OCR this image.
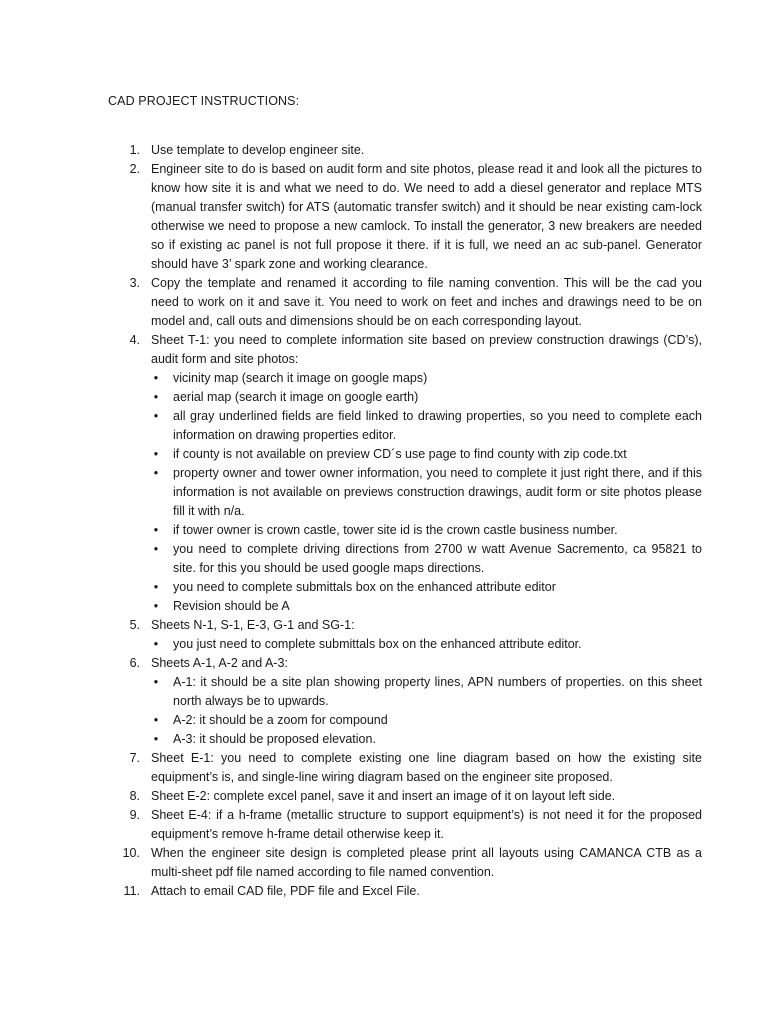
CAD PROJECT INSTRUCTIONS:
1. Use template to develop engineer site.
2. Engineer site to do is based on audit form and site photos, please read it and look all the pictures to know how site it is and what we need to do. We need to add a diesel generator and replace MTS (manual transfer switch) for ATS (automatic transfer switch) and it should be near existing cam-lock otherwise we need to propose a new camlock. To install the generator, 3 new breakers are needed so if existing ac panel is not full propose it there. if it is full, we need an ac sub-panel. Generator should have 3’ spark zone and working clearance.
3. Copy the template and renamed it according to file naming convention. This will be the cad you need to work on it and save it. You need to work on feet and inches and drawings need to be on model and, call outs and dimensions should be on each corresponding layout.
4. Sheet T-1: you need to complete information site based on preview construction drawings (CD’s), audit form and site photos:
• vicinity map (search it image on google maps)
• aerial map (search it image on google earth)
• all gray underlined fields are field linked to drawing properties, so you need to complete each information on drawing properties editor.
• if county is not available on preview CD´s use page to find county with zip code.txt
• property owner and tower owner information, you need to complete it just right there, and if this information is not available on previews construction drawings, audit form or site photos please fill it with n/a.
• if tower owner is crown castle, tower site id is the crown castle business number.
• you need to complete driving directions from 2700 w watt Avenue Sacremento, ca 95821 to site. for this you should be used google maps directions.
• you need to complete submittals box on the enhanced attribute editor
• Revision should be A
5. Sheets N-1, S-1, E-3, G-1 and SG-1:
• you just need to complete submittals box on the enhanced attribute editor.
6. Sheets A-1, A-2 and A-3:
• A-1: it should be a site plan showing property lines, APN numbers of properties. on this sheet north always be to upwards.
• A-2: it should be a zoom for compound
• A-3: it should be proposed elevation.
7. Sheet E-1: you need to complete existing one line diagram based on how the existing site equipment’s is, and single-line wiring diagram based on the engineer site proposed.
8. Sheet E-2: complete excel panel, save it and insert an image of it on layout left side.
9. Sheet E-4: if a h-frame (metallic structure to support equipment’s) is not need it for the proposed equipment’s remove h-frame detail otherwise keep it.
10. When the engineer site design is completed please print all layouts using CAMANCA CTB as a multi-sheet pdf file named according to file named convention.
11. Attach to email CAD file, PDF file and Excel File.
